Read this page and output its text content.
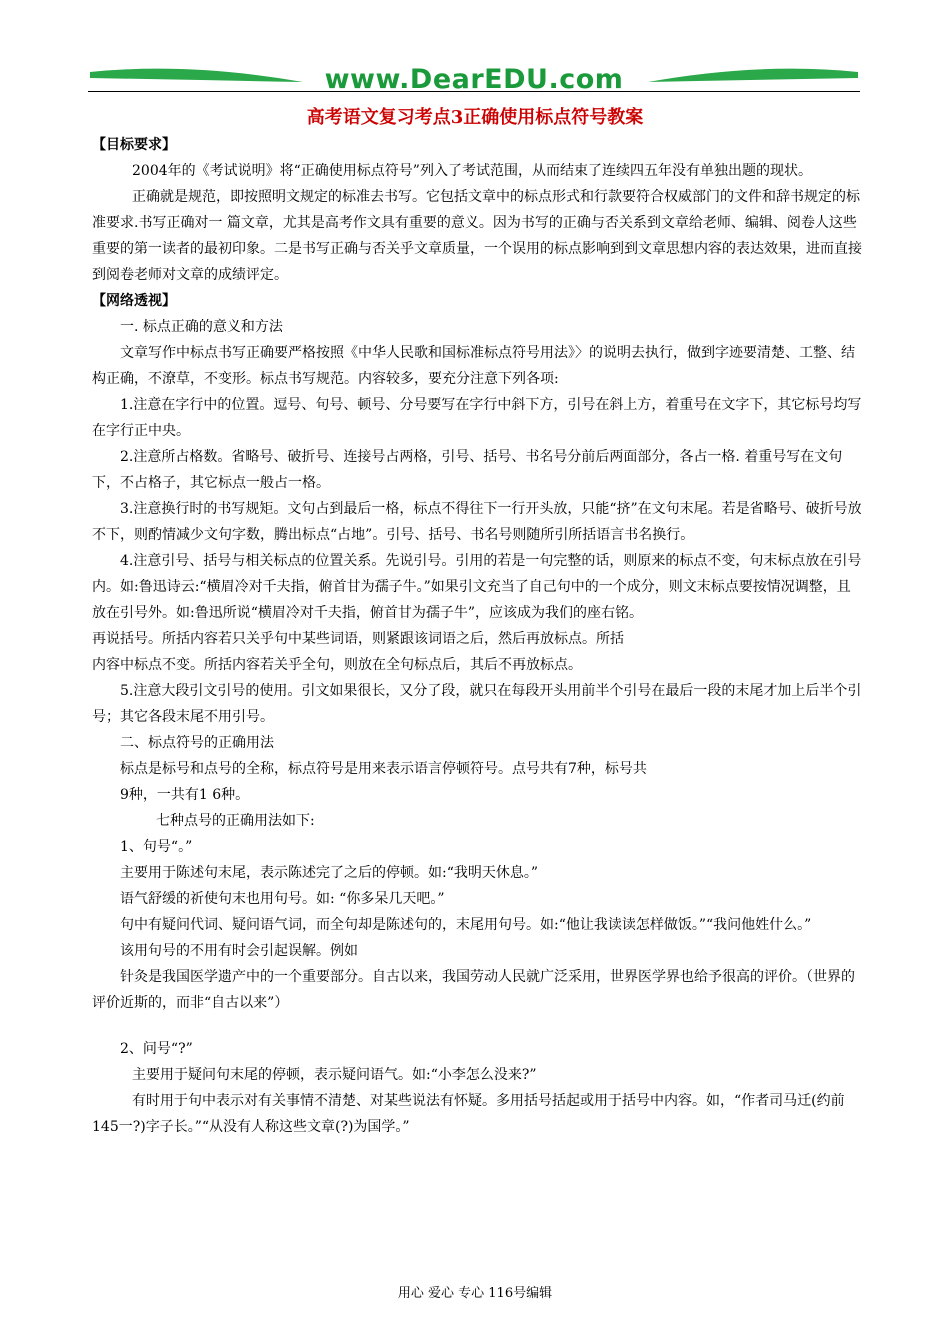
www.DearEDU.com
高考语文复习考点3正确使用标点符号教案

【目标要求】

2004年的《考试说明》将“正确使用标点符号”列入了考试范围，从而结束了连续四五年没有单独出题的现状。

正确就是规范，即按照明文规定的标准去书写。它包括文章中的标点形式和行款要符合权威部门的文件和辞书规定的标准要求.书写正确对一 篇文章，尤其是高考作文具有重要的意义。因为书写的正确与否关系到文章给老师、编辑、阅卷人这些重要的第一读者的最初印象。二是书写正确与否关乎文章质量，一个误用的标点影响到到文章思想内容的表达效果，进而直接到阅卷老师对文章的成绩评定。

【网络透视】

一. 标点正确的意义和方法

文章写作中标点书写正确要严格按照《中华人民歌和国标准标点符号用法》〉的说明去执行，做到字迹要清楚、工整、结构正确，不潦草，不变形。标点书写规范。内容较多，要充分注意下列各项:

1.注意在字行中的位置。逗号、句号、顿号、分号要写在字行中斜下方，引号在斜上方，着重号在文字下，其它标号均写在字行正中央。

2.注意所占格数。省略号、破折号、连接号占两格，引号、括号、书名号分前后两面部分，各占一格. 着重号写在文句下，不占格子，其它标点一般占一格。

3.注意换行时的书写规矩。文句占到最后一格，标点不得往下一行开头放，只能“挤”在文句末尾。若是省略号、破折号放不下，则酌情减少文句字数，腾出标点“占地”。引号、括号、书名号则随所引所括语言书名换行。

4.注意引号、括号与相关标点的位置关系。先说引号。引用的若是一句完整的话，则原来的标点不变，句末标点放在引号内。如:鲁迅诗云:“横眉冷对千夫指，俯首甘为孺子牛。”如果引文充当了自己句中的一个成分，则文末标点要按情况调整，且放在引号外。如:鲁迅所说“横眉冷对千夫指，俯首甘为孺子牛”，应该成为我们的座右铭。

再说括号。所括内容若只关乎句中某些词语，则紧跟该词语之后，然后再放标点。所括

内容中标点不变。所括内容若关乎全句，则放在全句标点后，其后不再放标点。

5.注意大段引文引号的使用。引文如果很长，又分了段，就只在每段开头用前半个引号在最后一段的末尾才加上后半个引号；其它各段末尾不用引号。

二、标点符号的正确用法

标点是标号和点号的全称，标点符号是用来表示语言停顿符号。点号共有7种，标号共

9种，一共有1 6种。

七种点号的正确用法如下:

1、句号“。”

主要用于陈述句末尾，表示陈述完了之后的停顿。如:“我明天休息。”

语气舒缓的祈使句末也用句号。如: “你多呆几天吧。”

句中有疑问代词、疑问语气词，而全句却是陈述句的，末尾用句号。如:“他让我读读怎样做饭。”“我问他姓什么。”

该用句号的不用有时会引起误解。例如

针灸是我国医学遗产中的一个重要部分。自古以来，我国劳动人民就广泛采用，世界医学界也给予很高的评价。（世界的评价近斯的，而非“自古以来”）

2、问号“?”

主要用于疑问句末尾的停顿，表示疑问语气。如:“小李怎么没来?”

有时用于句中表示对有关事情不清楚、对某些说法有怀疑。多用括号括起或用于括号中内容。如，“作者司马迁(约前145一?)字子长。”“从没有人称这些文章(?)为国学。”

用心 爱心 专心 116号编辑
